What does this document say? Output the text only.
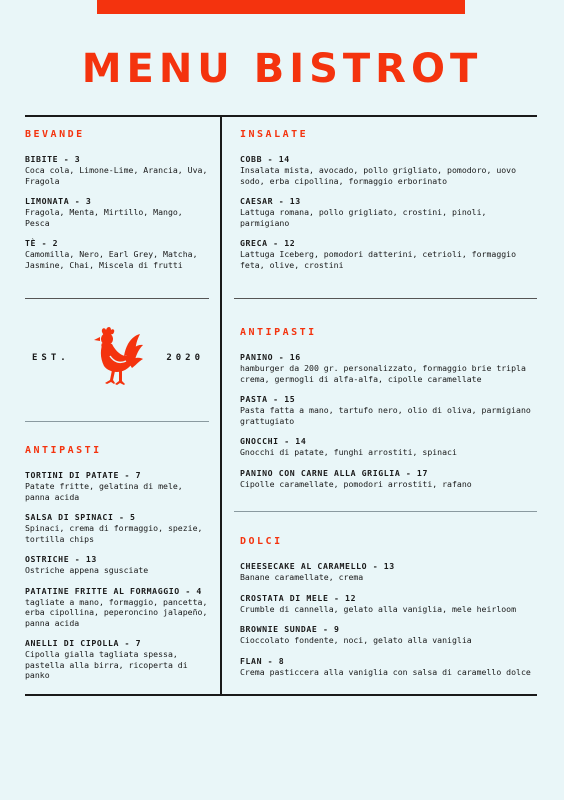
MENU BISTROT
BEVANDE
BIBITE - 3
Coca cola, Limone-Lime, Arancia, Uva, Fragola
LIMONATA - 3
Fragola, Menta, Mirtillo, Mango, Pesca
TÈ - 2
Camomilla, Nero, Earl Grey, Matcha, Jasmine, Chai, Miscela di frutti
EST.	2020
ANTIPASTI
TORTINI DI PATATE - 7
Patate fritte, gelatina di mele, panna acida
SALSA DI SPINACI - 5
Spinaci, crema di formaggio, spezie, tortilla chips
OSTRICHE - 13
Ostriche appena sgusciate
PATATINE FRITTE AL FORMAGGIO - 4
tagliate a mano, formaggio, pancetta, erba cipollina, peperoncino jalapeño, panna acida
ANELLI DI CIPOLLA - 7
Cipolla gialla tagliata spessa, pastella alla birra, ricoperta di panko
INSALATE
COBB - 14
Insalata mista, avocado, pollo grigliato, pomodoro, uovo sodo, erba cipollina, formaggio erborinato
CAESAR - 13
Lattuga romana, pollo grigliato, crostini, pinoli, parmigiano
GRECA - 12
Lattuga Iceberg, pomodori datterini, cetrioli, formaggio feta, olive, crostini
ANTIPASTI
PANINO - 16
hamburger da 200 gr. personalizzato, formaggio brie tripla crema, germogli di alfa-alfa, cipolle caramellate
PASTA - 15
Pasta fatta a mano, tartufo nero, olio di oliva, parmigiano grattugiato
GNOCCHI - 14
Gnocchi di patate, funghi arrostiti, spinaci
PANINO CON CARNE ALLA GRIGLIA - 17
Cipolle caramellate, pomodori arrostiti, rafano
DOLCI
CHEESECAKE AL CARAMELLO - 13
Banane caramellate, crema
CROSTATA DI MELE - 12
Crumble di cannella, gelato alla vaniglia, mele heirloom
BROWNIE SUNDAE - 9
Cioccolato fondente, noci, gelato alla vaniglia
FLAN - 8
Crema pasticcera alla vaniglia con salsa di caramello dolce
